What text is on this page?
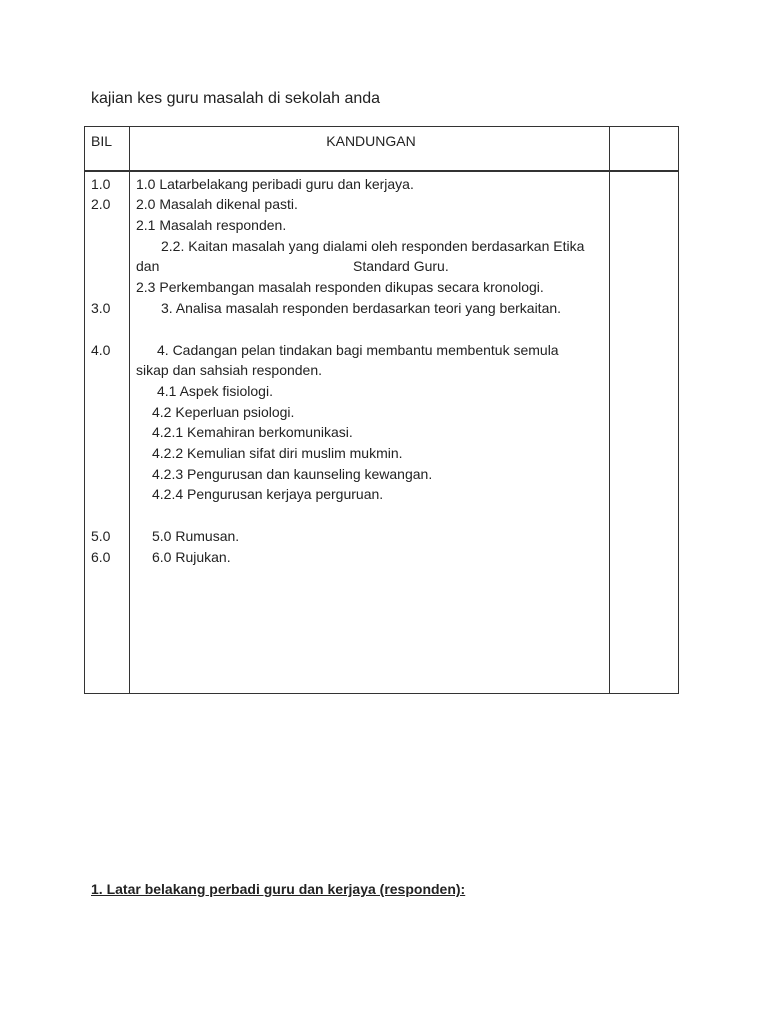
kajian kes guru masalah di sekolah anda
BIL	KANDUNGAN
1.0
2.0
3.0
4.0
5.0
6.0
1.0 Latarbelakang peribadi guru dan kerjaya.
2.0 Masalah dikenal pasti.
2.1 Masalah responden.
2.2. Kaitan masalah yang dialami oleh responden berdasarkan Etika
dan	Standard Guru.
2.3 Perkembangan masalah responden dikupas secara kronologi.
3. Analisa masalah responden berdasarkan teori yang berkaitan.
4. Cadangan pelan tindakan bagi membantu membentuk semula
sikap dan sahsiah responden.
4.1 Aspek fisiologi.
4.2 Keperluan psiologi.
4.2.1 Kemahiran berkomunikasi.
4.2.2 Kemulian sifat diri muslim mukmin.
4.2.3 Pengurusan dan kaunseling kewangan.
4.2.4 Pengurusan kerjaya perguruan.
5.0 Rumusan.
6.0 Rujukan.
1. Latar belakang perbadi guru dan kerjaya (responden):
